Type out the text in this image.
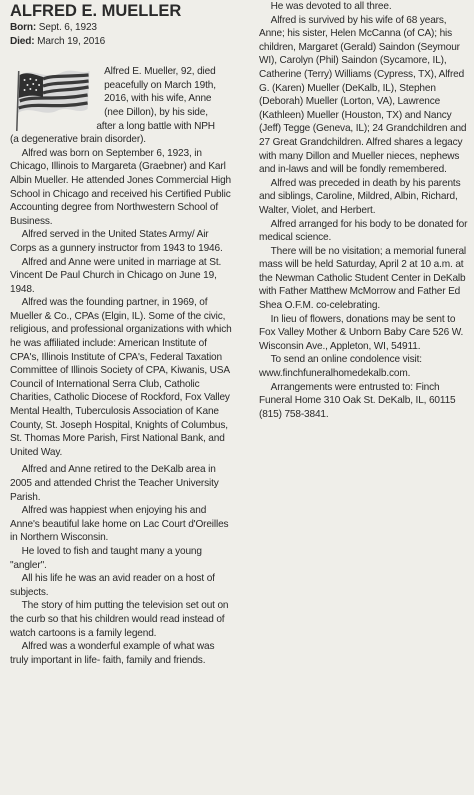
ALFRED E. MUELLER

Born: Sept. 6, 1923

Died: March 19, 2016

Alfred E. Mueller, 92, died
peacefully on March 19th,
2016, with his wife, Anne
(nee Dillon), by his side,
after a long battle with NPH
(a degenerative brain disorder).

Alfred was born on September 6, 1923, in Chicago, Illinois to Margareta (Graebner) and Karl Albin Mueller. He attended Jones Commercial High School in Chicago and received his Certified Public Accounting degree from Northwestern School of Business.

Alfred served in the United States Army/ Air Corps as a gunnery instructor from 1943 to 1946.

Alfred and Anne were united in marriage at St. Vincent De Paul Church in Chicago on June 19, 1948.

Alfred was the founding partner, in 1969, of Mueller & Co., CPAs (Elgin, IL). Some of the civic, religious, and professional organizations with which he was affiliated include: American Institute of CPA's, Illinois Institute of CPA's, Federal Taxation Committee of Illinois Society of CPA, Kiwanis, USA Council of International Serra Club, Catholic Charities, Catholic Diocese of Rockford, Fox Valley Mental Health, Tuberculosis Association of Kane County, St. Joseph Hospital, Knights of Columbus, St. Thomas More Parish, First National Bank, and United Way.

Alfred and Anne retired to the DeKalb area in 2005 and attended Christ the Teacher University Parish.

Alfred was happiest when enjoying his and Anne's beautiful lake home on Lac Court d'Oreilles in Northern Wisconsin.

He loved to fish and taught many a young "angler".

All his life he was an avid reader on a host of subjects.

The story of him putting the television set out on the curb so that his children would read instead of watch cartoons is a family legend.

Alfred was a wonderful example of what was truly important in life- faith, family and friends.

He was devoted to all three.

Alfred is survived by his wife of 68 years, Anne; his sister, Helen McCanna (of CA); his children, Margaret (Gerald) Saindon (Seymour WI), Carolyn (Phil) Saindon (Sycamore, IL), Catherine (Terry) Williams (Cypress, TX), Alfred G. (Karen) Mueller (DeKalb, IL), Stephen (Deborah) Mueller (Lorton, VA), Lawrence (Kathleen) Mueller (Houston, TX) and Nancy (Jeff) Tegge (Geneva, IL); 24 Grandchildren and 27 Great Grandchildren. Alfred shares a legacy with many Dillon and Mueller nieces, nephews and in-laws and will be fondly remembered.

Alfred was preceded in death by his parents and siblings, Caroline, Mildred, Albin, Richard, Walter, Violet, and Herbert.

Alfred arranged for his body to be donated for medical science.

There will be no visitation; a memorial funeral mass will be held Saturday, April 2 at 10 a.m. at the Newman Catholic Student Center in DeKalb with Father Matthew McMorrow and Father Ed Shea O.F.M. co-celebrating.

In lieu of flowers, donations may be sent to Fox Valley Mother & Unborn Baby Care 526 W. Wisconsin Ave., Appleton, WI, 54911.

To send an online condolence visit: www.finchfuneralhomedekalb.com.

Arrangements were entrusted to: Finch Funeral Home 310 Oak St. DeKalb, IL, 60115 (815) 758-3841.
